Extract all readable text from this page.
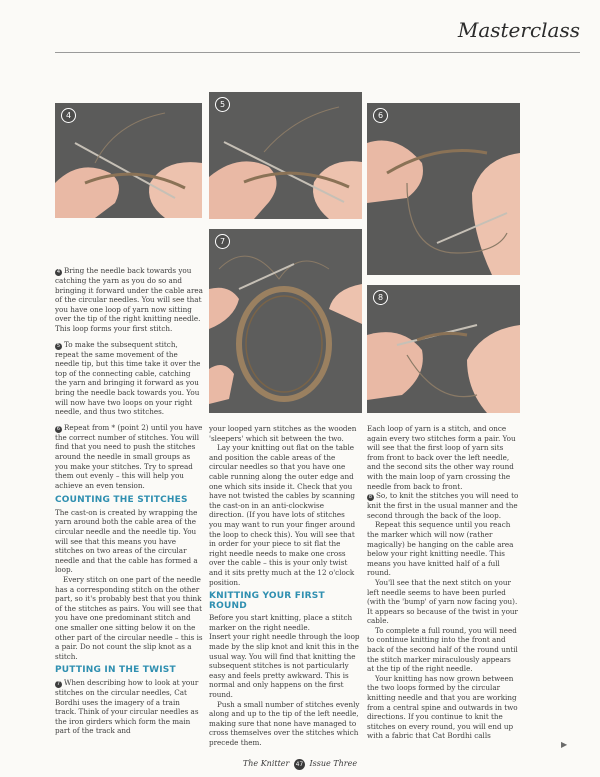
Masterclass
4
5
6
7
8

4 Bring the needle back towards you catching the yarn as you do so and bringing it forward under the cable area of the circular needles. You will see that you have one loop of yarn now sitting over the tip of the right knitting needle. This loop forms your first stitch.

5 To make the subsequent stitch, repeat the same movement of the needle tip, but this time take it over the top of the connecting cable, catching the yarn and bringing it forward as you bring the needle back towards you. You will now have two loops on your right needle, and thus two stitches.

6 Repeat from * (point 2) until you have the correct number of stitches. You will find that you need to push the stitches around the needle in small groups as you make your stitches. Try to spread them out evenly – this will help you achieve an even tension.

COUNTING THE STITCHES

The cast-on is created by wrapping the yarn around both the cable area of the circular needle and the needle tip. You will see that this means you have stitches on two areas of the circular needle and that the cable has formed a loop.

Every stitch on one part of the needle has a corresponding stitch on the other part, so it's probably best that you think of the stitches as pairs. You will see that you have one predominant stitch and one smaller one sitting below it on the other part of the circular needle – this is a pair. Do not count the slip knot as a stitch.

PUTTING IN THE TWIST

7 When describing how to look at your stitches on the circular needles, Cat Bordhi uses the imagery of a train track. Think of your circular needles as the iron girders which form the main part of the track and

your looped yarn stitches as the wooden 'sleepers' which sit between the two.

Lay your knitting out flat on the table and position the cable areas of the circular needles so that you have one cable running along the outer edge and one which sits inside it. Check that you have not twisted the cables by scanning the cast-on in an anti-clockwise direction. (If you have lots of stitches you may want to run your finger around the loop to check this). You will see that in order for your piece to sit flat the right needle needs to make one cross over the cable – this is your only twist and it sits pretty much at the 12 o'clock position.

KNITTING YOUR FIRST ROUND

Before you start knitting, place a stitch marker on the right needle.

Insert your right needle through the loop made by the slip knot and knit this in the usual way. You will find that knitting the subsequent stitches is not particularly easy and feels pretty awkward. This is normal and only happens on the first round.

Push a small number of stitches evenly along and up to the tip of the left needle, making sure that none have managed to cross themselves over the stitches which precede them.

Each loop of yarn is a stitch, and once again every two stitches form a pair. You will see that the first loop of yarn sits from front to back over the left needle, and the second sits the other way round with the main loop of yarn crossing the needle from back to front.

8 So, to knit the stitches you will need to knit the first in the usual manner and the second through the back of the loop.

Repeat this sequence until you reach the marker which will now (rather magically) be hanging on the cable area below your right knitting needle. This means you have knitted half of a full round.

You'll see that the next stitch on your left needle seems to have been purled (with the 'bump' of yarn now facing you). It appears so because of the twist in your cable.

To complete a full round, you will need to continue knitting into the front and back of the second half of the round until the stitch marker miraculously appears at the tip of the right needle.

Your knitting has now grown between the two loops formed by the circular knitting needle and that you are working from a central spine and outwards in two directions. If you continue to knit the stitches on every round, you will end up with a fabric that Cat Bordhi calls

▶
The Knitter 47 Issue Three
